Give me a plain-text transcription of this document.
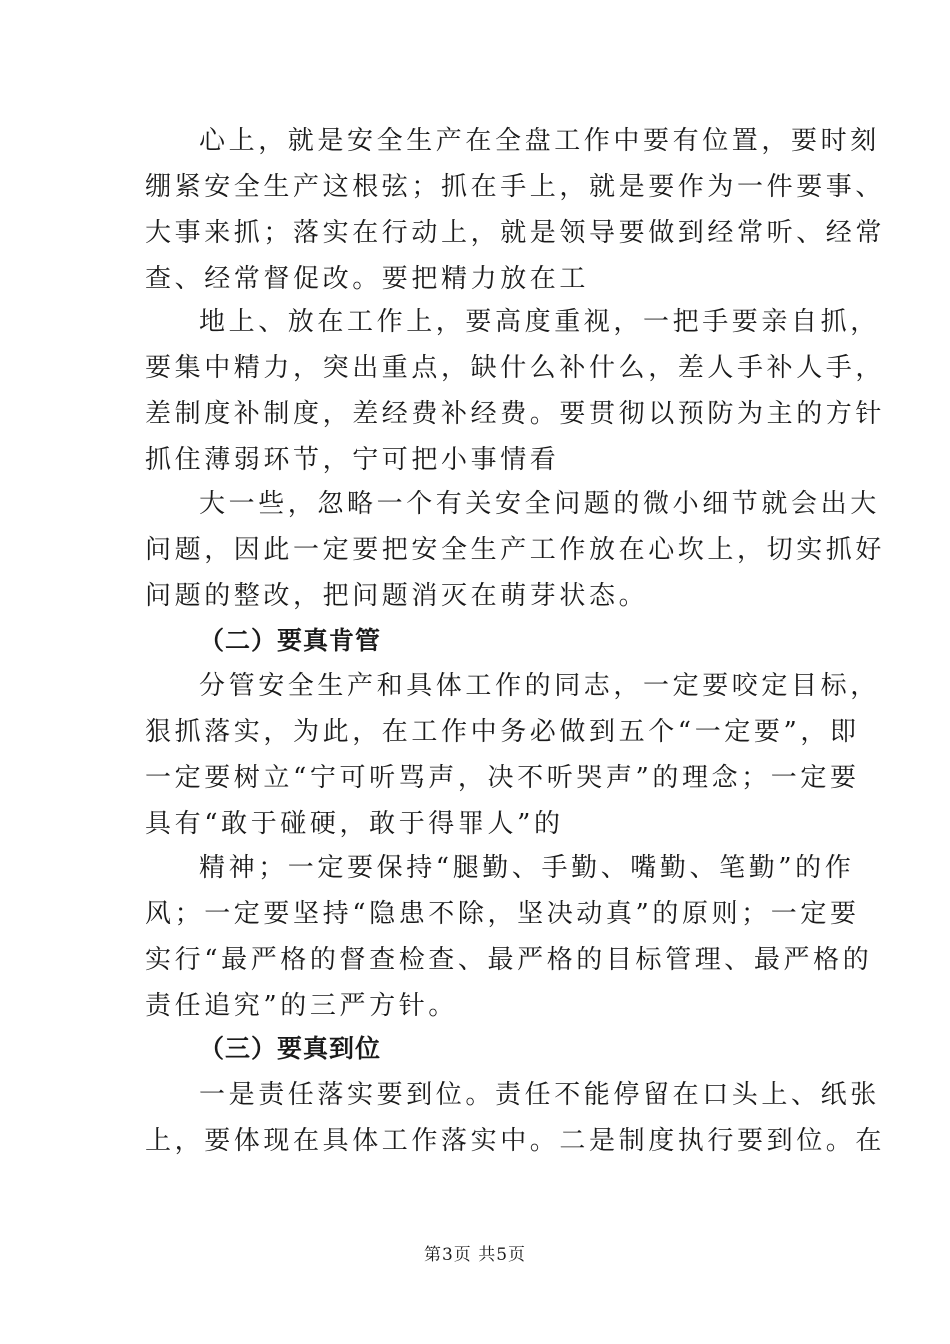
心上，就是安全生产在全盘工作中要有位置，要时刻
绷紧安全生产这根弦；抓在手上，就是要作为一件要事、
大事来抓；落实在行动上，就是领导要做到经常听、经常
查、经常督促改。要把精力放在工
地上、放在工作上，要高度重视，一把手要亲自抓，
要集中精力，突出重点，缺什么补什么，差人手补人手，
差制度补制度，差经费补经费。要贯彻以预防为主的方针
抓住薄弱环节，宁可把小事情看
大一些，忽略一个有关安全问题的微小细节就会出大
问题，因此一定要把安全生产工作放在心坎上，切实抓好
问题的整改，把问题消灭在萌芽状态。
（二）要真肯管
分管安全生产和具体工作的同志，一定要咬定目标，
狠抓落实，为此，在工作中务必做到五个“一定要”，即
一定要树立“宁可听骂声，决不听哭声”的理念；一定要
具有“敢于碰硬，敢于得罪人”的
精神；一定要保持“腿勤、手勤、嘴勤、笔勤”的作
风；一定要坚持“隐患不除，坚决动真”的原则；一定要
实行“最严格的督查检查、最严格的目标管理、最严格的
责任追究”的三严方针。
（三）要真到位
一是责任落实要到位。责任不能停留在口头上、纸张
上，要体现在具体工作落实中。二是制度执行要到位。在
第3页 共5页
